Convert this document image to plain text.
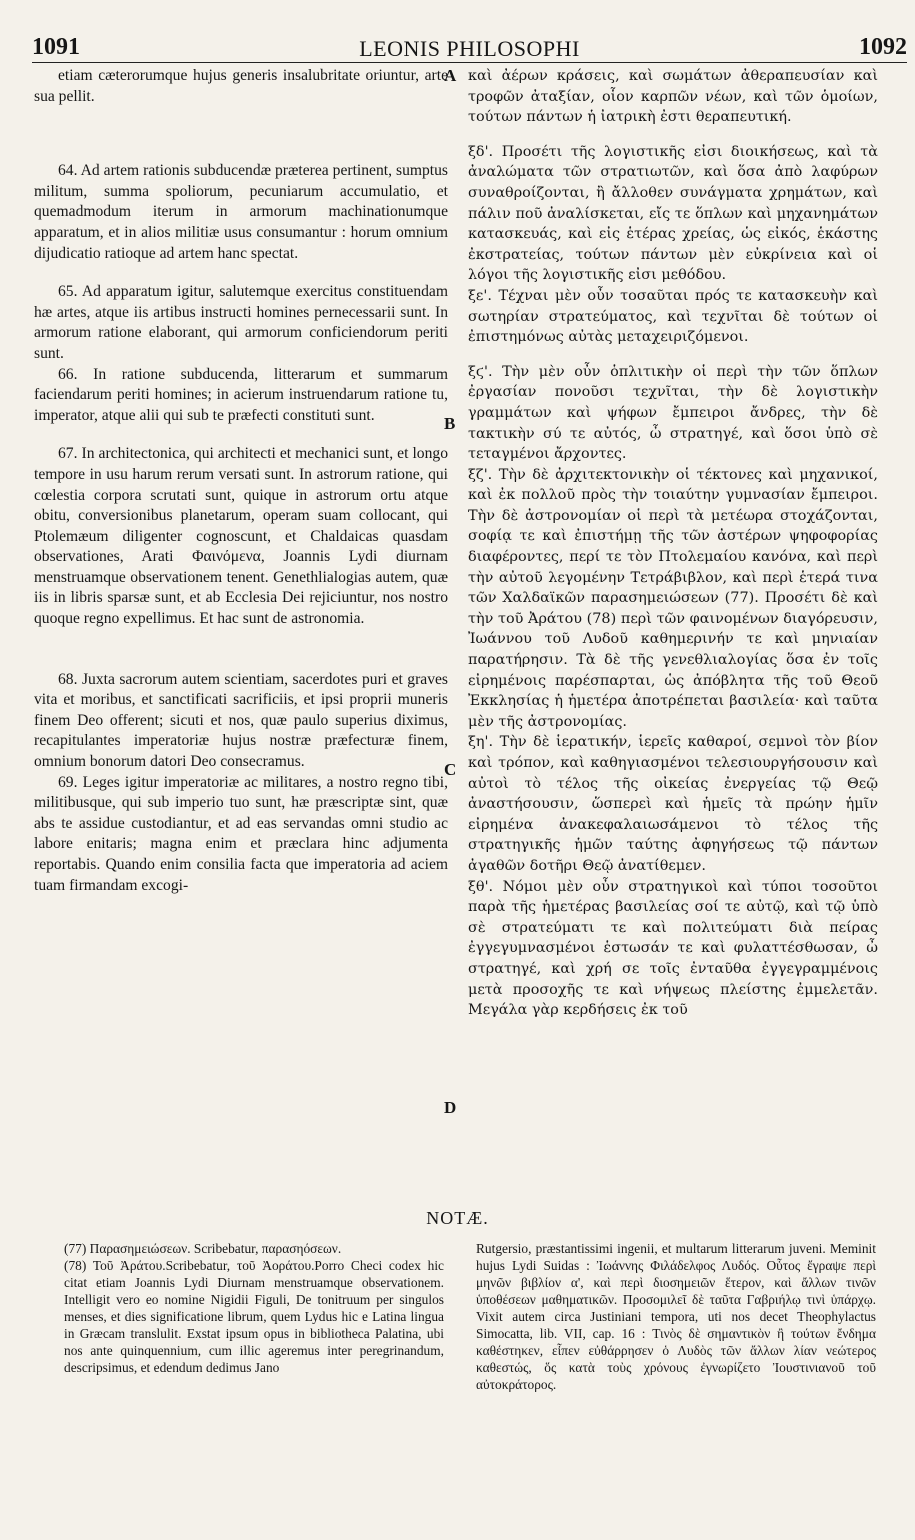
1091	LEONIS PHILOSOPHI	1092

etiam cæterorumque hujus generis insalubritate oriuntur, arte sua pellit.

64. Ad artem rationis subducendæ præterea pertinent, sumptus militum, summa spoliorum, pecuniarum accumulatio, et quemadmodum iterum in armorum machinationumque apparatum, et in alios militiæ usus consumantur : horum omnium dijudicatio ratioque ad artem hanc spectat.

65. Ad apparatum igitur, salutemque exercitus constituendam hæ artes, atque iis artibus instructi homines pernecessarii sunt. In armorum ratione elaborant, qui armorum conficiendorum periti sunt.

66. In ratione subducenda, litterarum et summarum faciendarum periti homines; in acierum instruendarum ratione tu, imperator, atque alii qui sub te præfecti constituti sunt.

67. In architectonica, qui architecti et mechanici sunt, et longo tempore in usu harum rerum versati sunt. In astrorum ratione, qui cœlestia corpora scrutati sunt, quique in astrorum ortu atque obitu, conversionibus planetarum, operam suam collocant, qui Ptolemæum diligenter cognoscunt, et Chaldaicas quasdam observationes, Arati Φαινόμενα, Joannis Lydi diurnam menstruamque observationem tenent. Genethlialogias autem, quæ iis in libris sparsæ sunt, et ab Ecclesia Dei rejiciuntur, nos nostro quoque regno expellimus. Et hac sunt de astronomia.

68. Juxta sacrorum autem scientiam, sacerdotes puri et graves vita et moribus, et sanctificati sacrificiis, et ipsi proprii muneris finem Deo offerent; sicuti et nos, quæ paulo superius diximus, recapitulantes imperatoriæ hujus nostræ præfecturæ finem, omnium bonorum datori Deo consecramus.

69. Leges igitur imperatoriæ ac militares, a nostro regno tibi, militibusque, qui sub imperio tuo sunt, hæ præscriptæ sint, quæ abs te assidue custodiantur, et ad eas servandas omni studio ac labore enitaris; magna enim et præclara hinc adjumenta reportabis. Quando enim consilia facta que imperatoria ad aciem tuam firmandam excogi-

A
B
C
D

καὶ ἀέρων κράσεις, καὶ σωμάτων ἀθεραπευσίαν καὶ τροφῶν ἀταξίαν, οἷον καρπῶν νέων, καὶ τῶν ὁμοίων, τούτων πάντων ἡ ἰατρικὴ ἐστι θεραπευτική.

ξδ'. Προσέτι τῆς λογιστικῆς εἰσι διοικήσεως, καὶ τὰ ἀναλώματα τῶν στρατιωτῶν, καὶ ὅσα ἀπὸ λαφύρων συναθροίζονται, ἢ ἄλλοθεν συνάγματα χρημάτων, καὶ πάλιν ποῦ ἀναλίσκεται, εἴς τε ὅπλων καὶ μηχανημάτων κατασκευάς, καὶ εἰς ἑτέρας χρείας, ὡς εἰκός, ἑκάστης ἐκστρατείας, τούτων πάντων μὲν εὐκρίνεια καὶ οἱ λόγοι τῆς λογιστικῆς εἰσι μεθόδου.

ξε'. Τέχναι μὲν οὖν τοσαῦται πρός τε κατασκευὴν καὶ σωτηρίαν στρατεύματος, καὶ τεχνῖται δὲ τούτων οἱ ἐπιστημόνως αὐτὰς μεταχειριζόμενοι.

ξϛ'. Τὴν μὲν οὖν ὁπλιτικὴν οἱ περὶ τὴν τῶν ὅπλων ἐργασίαν πονοῦσι τεχνῖται, τὴν δὲ λογιστικὴν γραμμάτων καὶ ψήφων ἔμπειροι ἄνδρες, τὴν δὲ τακτικὴν σύ τε αὐτός, ὦ στρατηγέ, καὶ ὅσοι ὑπὸ σὲ τεταγμένοι ἄρχοντες.

ξζ'. Τὴν δὲ ἀρχιτεκτονικὴν οἱ τέκτονες καὶ μηχανικοί, καὶ ἐκ πολλοῦ πρὸς τὴν τοιαύτην γυμνασίαν ἔμπειροι. Τὴν δὲ ἀστρονομίαν οἱ περὶ τὰ μετέωρα στοχάζονται, σοφίᾳ τε καὶ ἐπιστήμῃ τῆς τῶν ἀστέρων ψηφοφορίας διαφέροντες, περί τε τὸν Πτολεμαίου κανόνα, καὶ περὶ τὴν αὐτοῦ λεγομένην Τετράβιβλον, καὶ περὶ ἑτερά τινα τῶν Χαλδαϊκῶν παρασημειώσεων (77). Προσέτι δὲ καὶ τὴν τοῦ Ἀράτου (78) περὶ τῶν φαινομένων διαγόρευσιν, Ἰωάννου τοῦ Λυδοῦ καθημερινήν τε καὶ μηνιαίαν παρατήρησιν. Τὰ δὲ τῆς γενεθλιαλογίας ὅσα ἐν τοῖς εἰρημένοις παρέσπαρται, ὡς ἀπόβλητα τῆς τοῦ Θεοῦ Ἐκκλησίας ἡ ἡμετέρα ἀποτρέπεται βασιλεία· καὶ ταῦτα μὲν τῆς ἀστρονομίας.

ξη'. Τὴν δὲ ἱερατικήν, ἱερεῖς καθαροί, σεμνοὶ τὸν βίον καὶ τρόπον, καὶ καθηγιασμένοι τελεσιουργήσουσιν καὶ αὐτοὶ τὸ τέλος τῆς οἰκείας ἐνεργείας τῷ Θεῷ ἀναστήσουσιν, ὥσπερεὶ καὶ ἡμεῖς τὰ πρώην ἡμῖν εἰρημένα ἀνακεφαλαιωσάμενοι τὸ τέλος τῆς στρατηγικῆς ἡμῶν ταύτης ἀφηγήσεως τῷ πάντων ἀγαθῶν δοτῆρι Θεῷ ἀνατίθεμεν.

ξθ'. Νόμοι μὲν οὖν στρατηγικοὶ καὶ τύποι τοσοῦτοι παρὰ τῆς ἡμετέρας βασιλείας σοί τε αὐτῷ, καὶ τῷ ὑπὸ σὲ στρατεύματι τε καὶ πολιτεύματι διὰ πείρας ἐγγεγυμνασμένοι ἑστωσάν τε καὶ φυλαττέσθωσαν, ὦ στρατηγέ, καὶ χρή σε τοῖς ἐνταῦθα ἐγγεγραμμένοις μετὰ προσοχῆς τε καὶ νήψεως πλείστης ἐμμελετᾶν. Μεγάλα γὰρ κερδήσεις ἐκ τοῦ

NOTÆ.

(77) Παρασημειώσεων. Scribebatur, παρασηόσεων.

(78) Τοῦ Ἀράτου.Scribebatur, τοῦ Ἀοράτου.Porro Checi codex hic citat etiam Joannis Lydi Diurnam menstruamque observationem. Intelligit vero eo nomine Nigidii Figuli, De tonitruum per singulos menses, et dies significatione librum, quem Lydus hic e Latina lingua in Græcam translulit. Exstat ipsum opus in bibliotheca Palatina, ubi nos ante quinquennium, cum illic ageremus inter peregrinandum, descripsimus, et edendum dedimus Jano

Rutgersio, præstantissimi ingenii, et multarum litterarum juveni. Meminit hujus Lydi Suidas : Ἰωάννης Φιλάδελφος Λυδός. Οὗτος ἔγραψε περὶ μηνῶν βιβλίον α', καὶ περὶ διοσημειῶν ἕτερον, καὶ ἄλλων τινῶν ὑποθέσεων μαθηματικῶν. Προσομιλεῖ δὲ ταῦτα Γαβριήλῳ τινὶ ὑπάρχῳ. Vixit autem circa Justiniani tempora, uti nos decet Theophylactus Simocatta, lib. VII, cap. 16 : Τινὸς δὲ σημαντικὸν ἢ τούτων ἔνδημα καθέστηκεν, εἶπεν εὐθάρρησεν ὁ Λυδὸς τῶν ἄλλων λίαν νεώτερος καθεστώς, ὅς κατὰ τοὺς χρόνους ἐγνωρίζετο Ἰουστινιανοῦ τοῦ αὐτοκράτορος.
